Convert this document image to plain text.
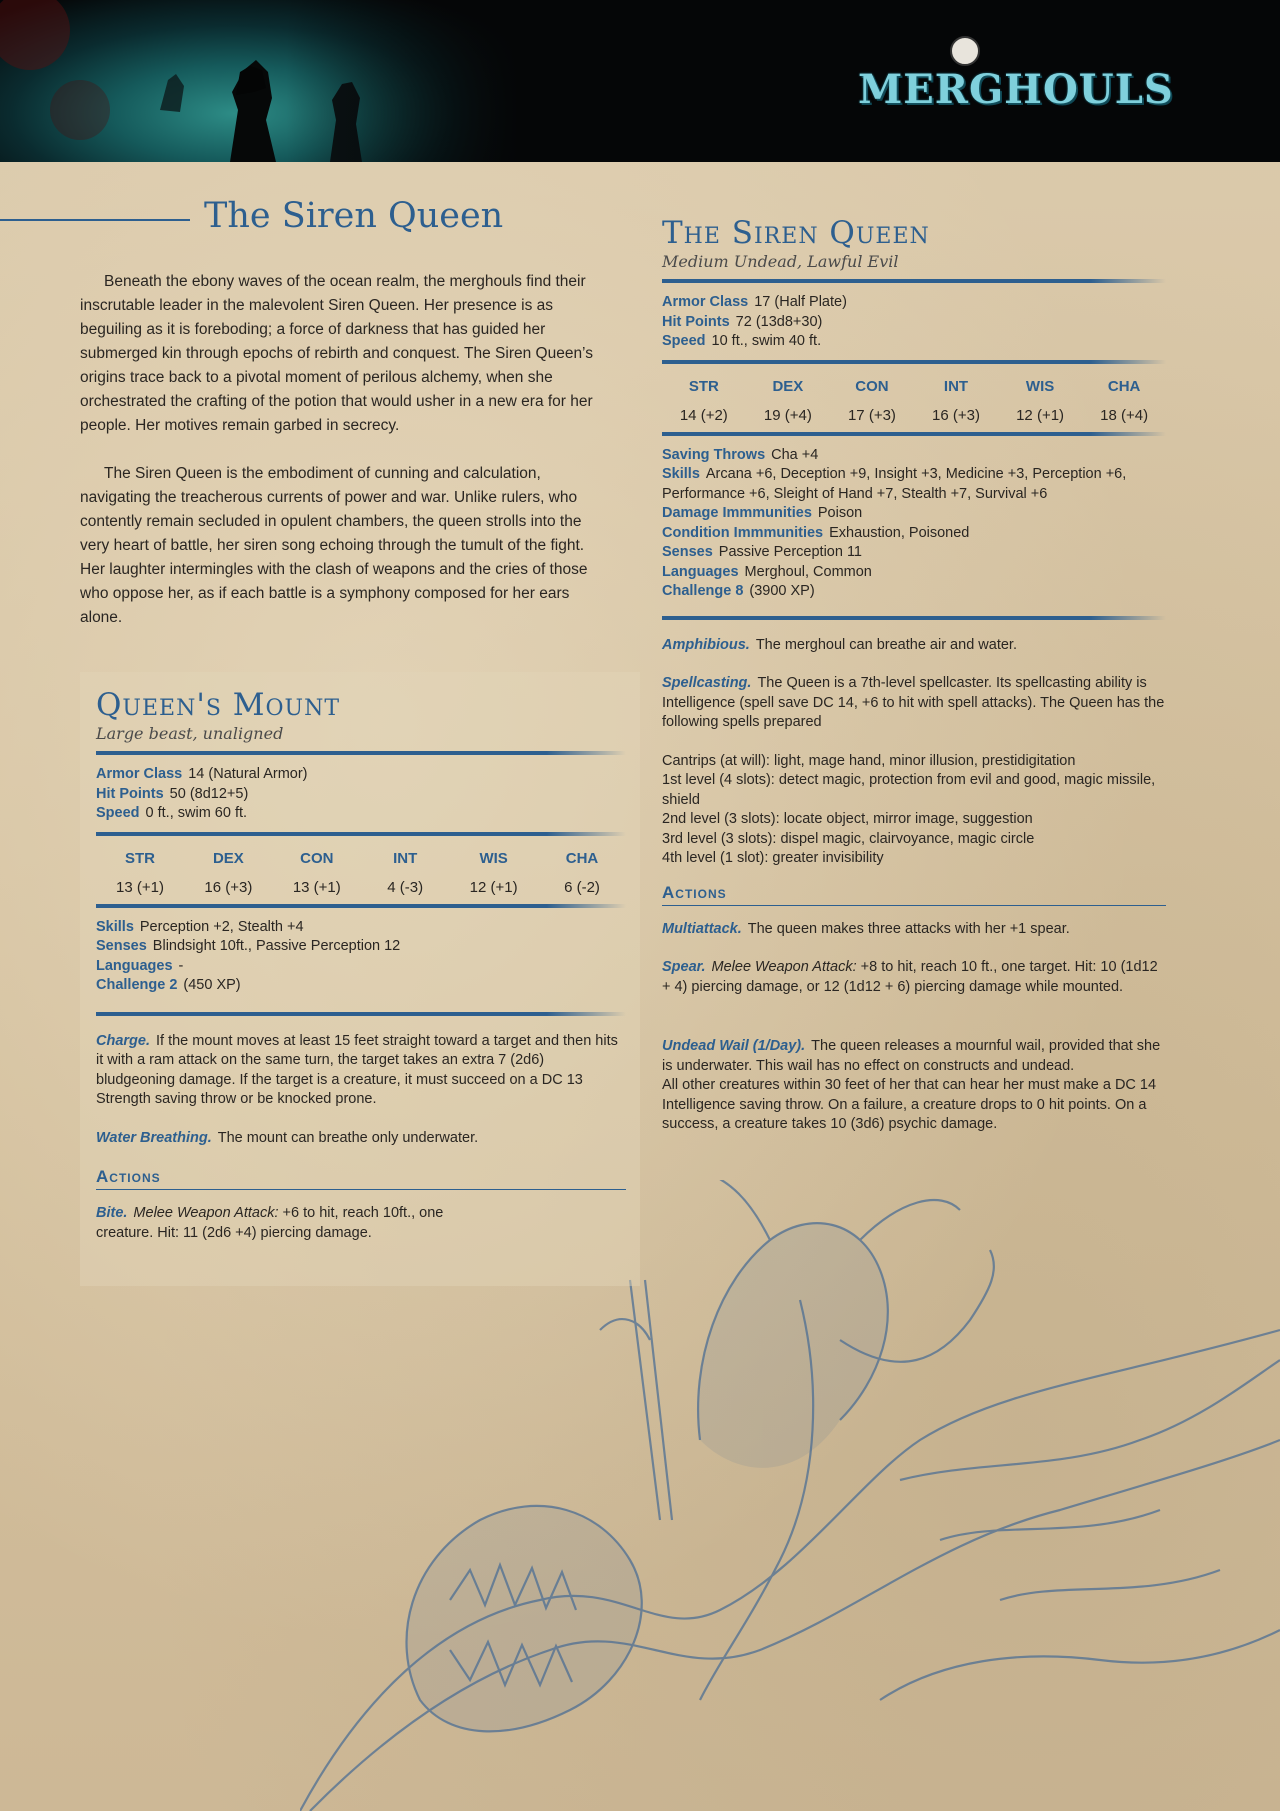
MERGHOULS
The Siren Queen

Beneath the ebony waves of the ocean realm, the merghouls find their inscrutable leader in the malevolent Siren Queen. Her presence is as beguiling as it is foreboding; a force of darkness that has guided her submerged kin through epochs of rebirth and conquest. The Siren Queen’s origins trace back to a pivotal moment of perilous alchemy, when she orchestrated the crafting of the potion that would usher in a new era for her people. Her motives remain garbed in secrecy.

The Siren Queen is the embodiment of cunning and calculation, navigating the treacherous currents of power and war. Unlike rulers, who contently remain secluded in opulent chambers, the queen strolls into the very heart of battle, her siren song echoing through the tumult of the fight. Her laughter intermingles with the clash of weapons and the cries of those who oppose her, as if each battle is a symphony composed for her ears alone.

Queen's Mount
Large beast, unaligned
Armor Class 14 (Natural Armor)
Hit Points 50 (8d12+5)
Speed 0 ft., swim 60 ft.
STR
13 (+1)
DEX
16 (+3)
CON
13 (+1)
INT
4 (-3)
WIS
12 (+1)
CHA
6 (-2)
Skills Perception +2, Stealth +4
Senses Blindsight 10ft., Passive Perception 12
Languages -
Challenge 2 (450 XP)
Charge. If the mount moves at least 15 feet straight toward a target and then hits it with a ram attack on the same turn, the target takes an extra 7 (2d6) bludgeoning damage. If the target is a creature, it must succeed on a DC 13 Strength saving throw or be knocked prone.
Water Breathing. The mount can breathe only underwater.
Actions
Bite. Melee Weapon Attack: +6 to hit, reach 10ft., one creature. Hit: 11 (2d6 +4) piercing damage.
The Siren Queen
Medium Undead, Lawful Evil
Armor Class 17 (Half Plate)
Hit Points 72 (13d8+30)
Speed 10 ft., swim 40 ft.
STR
14 (+2)
DEX
19 (+4)
CON
17 (+3)
INT
16 (+3)
WIS
12 (+1)
CHA
18 (+4)
Saving Throws Cha +4
Skills Arcana +6, Deception +9, Insight +3, Medicine +3, Perception +6, Performance +6, Sleight of Hand +7, Stealth +7, Survival +6
Damage Immmunities Poison
Condition Immmunities Exhaustion, Poisoned
Senses Passive Perception 11
Languages Merghoul, Common
Challenge 8 (3900 XP)
Amphibious. The merghoul can breathe air and water.
Spellcasting. The Queen is a 7th-level spellcaster. Its spellcasting ability is Intelligence (spell save DC 14, +6 to hit with spell attacks). The Queen has the following spells prepared
Cantrips (at will): light, mage hand, minor illusion, prestidigitation
1st level (4 slots): detect magic, protection from evil and good, magic missile, shield
2nd level (3 slots): locate object, mirror image, suggestion
3rd level (3 slots): dispel magic, clairvoyance, magic circle
4th level (1 slot): greater invisibility
Actions
Multiattack. The queen makes three attacks with her +1 spear.
Spear. Melee Weapon Attack: +8 to hit, reach 10 ft., one target. Hit: 10 (1d12 + 4) piercing damage, or 12 (1d12 + 6) piercing damage while mounted.
Undead Wail (1/Day). The queen releases a mournful wail, provided that she is underwater. This wail has no effect on constructs and undead.
All other creatures within 30 feet of her that can hear her must make a DC 14 Intelligence saving throw. On a failure, a creature drops to 0 hit points. On a success, a creature takes 10 (3d6) psychic damage.
